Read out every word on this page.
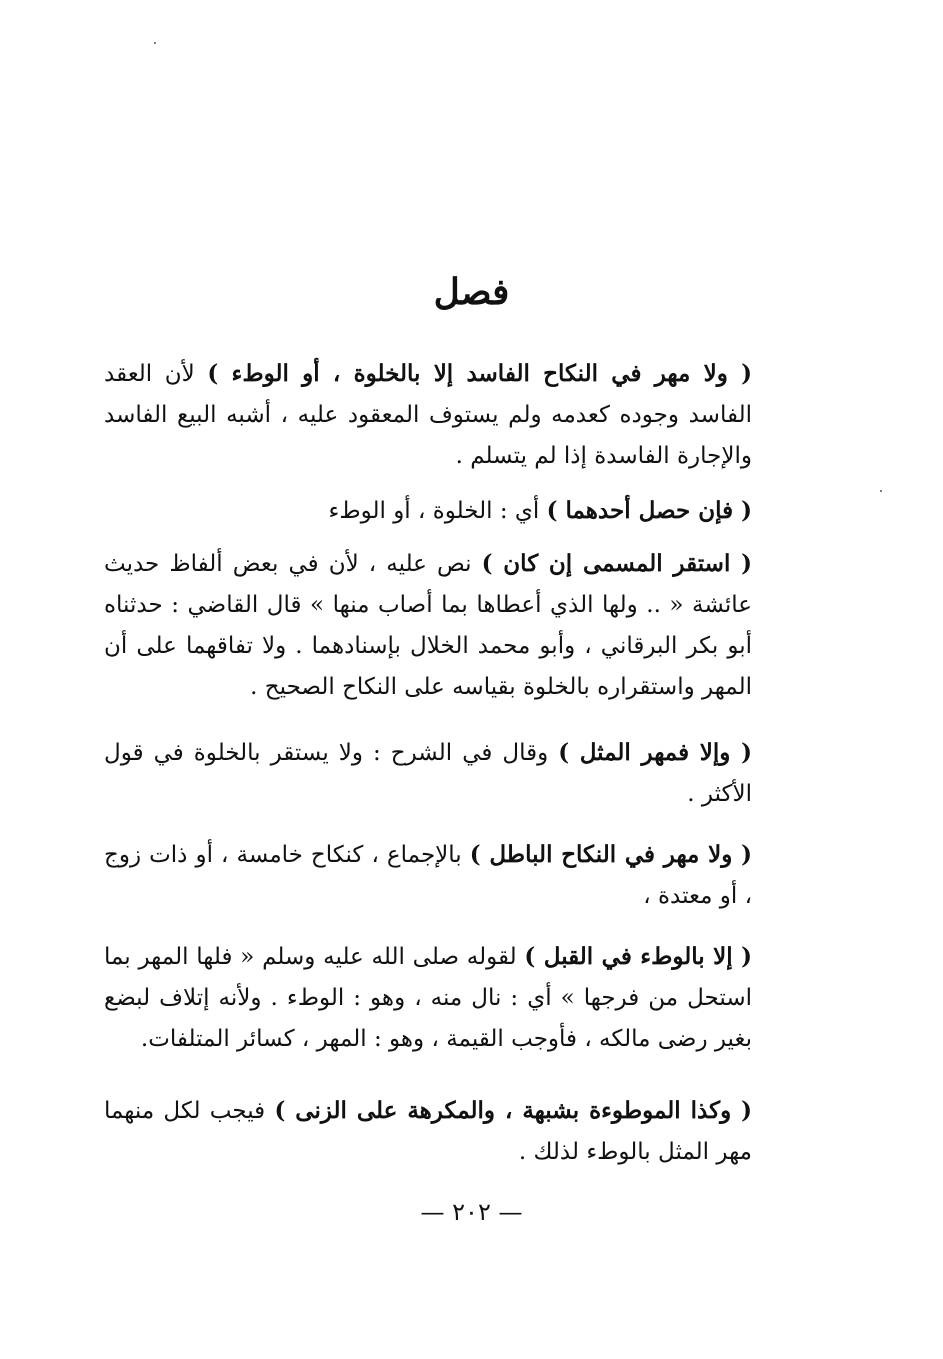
فصل

( ولا مهر في النكاح الفاسد إلا بالخلوة ، أو الوطء ) لأن العقد الفاسد وجوده كعدمه ولم يستوف المعقود عليه ، أشبه البيع الفاسد والإجارة الفاسدة إذا لم يتسلم .

( فإن حصل أحدهما ) أي : الخلوة ، أو الوطء

( استقر المسمى إن كان ) نص عليه ، لأن في بعض ألفاظ حديث عائشة « .. ولها الذي أعطاها بما أصاب منها » قال القاضي : حدثناه أبو بكر البرقاني ، وأبو محمد الخلال بإسنادهما . ولا تفاقهما على أن المهر واستقراره بالخلوة بقياسه على النكاح الصحيح .

( وإلا فمهر المثل ) وقال في الشرح : ولا يستقر بالخلوة في قول الأكثر .

( ولا مهر في النكاح الباطل ) بالإجماع ، كنكاح خامسة ، أو ذات زوج ، أو معتدة ،

( إلا بالوطء في القبل ) لقوله صلى الله عليه وسلم « فلها المهر بما استحل من فرجها » أي : نال منه ، وهو : الوطء . ولأنه إتلاف لبضع بغير رضى مالكه ، فأوجب القيمة ، وهو : المهر ، كسائر المتلفات.

( وكذا الموطوءة بشبهة ، والمكرهة على الزنى ) فيجب لكل منهما مهر المثل بالوطء لذلك .

— ٢٠٢ —
